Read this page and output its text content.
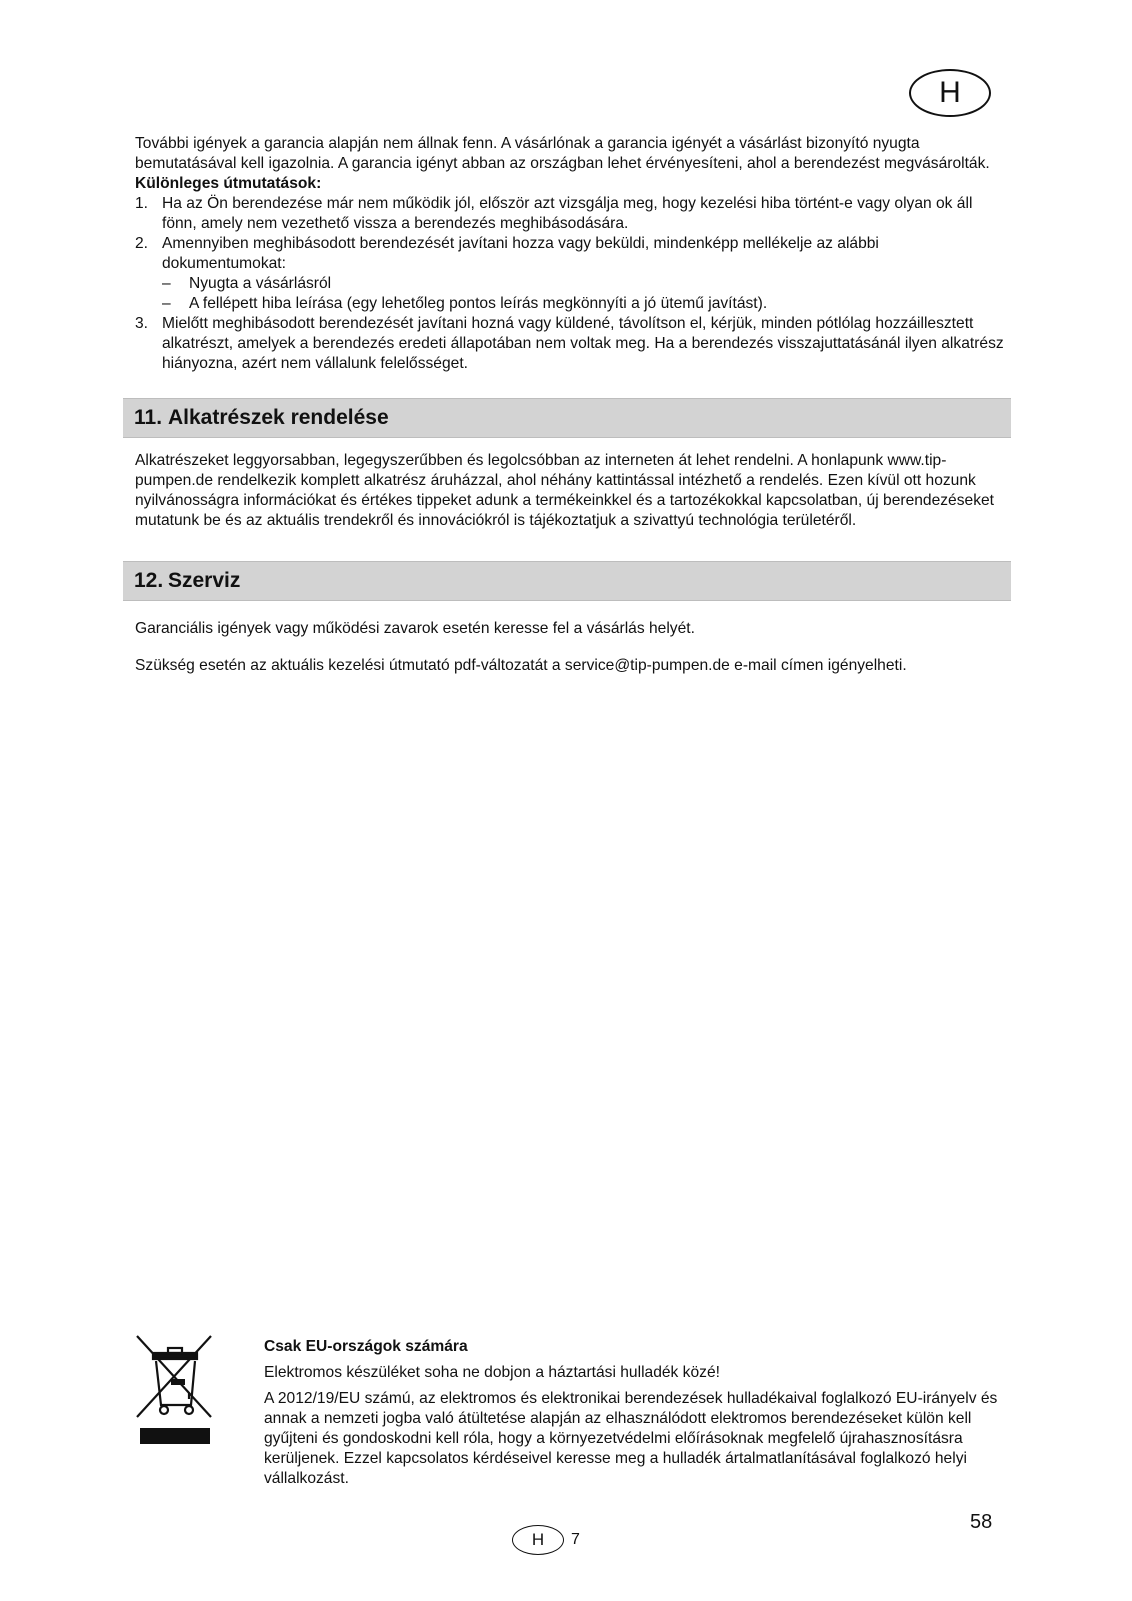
H

További igények a garancia alapján nem állnak fenn. A vásárlónak a garancia igényét a vásárlást bizonyító nyugta bemutatásával kell igazolnia. A garancia igényt abban az országban lehet érvényesíteni, ahol a berendezést megvásárolták.

Különleges útmutatások:

1. Ha az Ön berendezése már nem működik jól, először azt vizsgálja meg, hogy kezelési hiba történt-e vagy olyan ok áll fönn, amely nem vezethető vissza a berendezés meghibásodására.
2. Amennyiben meghibásodott berendezését javítani hozza vagy beküldi, mindenképp mellékelje az alábbi dokumentumokat:
– Nyugta a vásárlásról
– A fellépett hiba leírása (egy lehetőleg pontos leírás megkönnyíti a jó ütemű javítást).
3. Mielőtt meghibásodott berendezését javítani hozná vagy küldené, távolítson el, kérjük, minden pótlólag hozzáillesztett alkatrészt, amelyek a berendezés eredeti állapotában nem voltak meg. Ha a berendezés visszajuttatásánál ilyen alkatrész hiányozna, azért nem vállalunk felelősséget.
11. Alkatrészek rendelése

Alkatrészeket leggyorsabban, legegyszerűbben és legolcsóbban az interneten át lehet rendelni. A honlapunk www.tip-pumpen.de rendelkezik komplett alkatrész áruházzal, ahol néhány kattintással intézhető a rendelés. Ezen kívül ott hozunk nyilvánosságra információkat és értékes tippeket adunk a termékeinkkel és a tartozékokkal kapcsolatban, új berendezéseket mutatunk be és az aktuális trendekről és innovációkról is tájékoztatjuk a szivattyú technológia területéről.

12. Szerviz

Garanciális igények vagy működési zavarok esetén keresse fel a vásárlás helyét.

Szükség esetén az aktuális kezelési útmutató pdf-változatát a service@tip-pumpen.de e-mail címen igényelheti.

Csak EU-országok számára

Elektromos készüléket soha ne dobjon a háztartási hulladék közé!

A 2012/19/EU számú, az elektromos és elektronikai berendezések hulladékaival foglalkozó EU-irányelv és annak a nemzeti jogba való átültetése alapján az elhasználódott elektromos berendezéseket külön kell gyűjteni és gondoskodni kell róla, hogy a környezetvédelmi előírásoknak megfelelő újrahasznosításra kerüljenek. Ezzel kapcsolatos kérdéseivel keresse meg a hulladék ártalmatlanításával foglalkozó helyi vállalkozást.

58
H 7
